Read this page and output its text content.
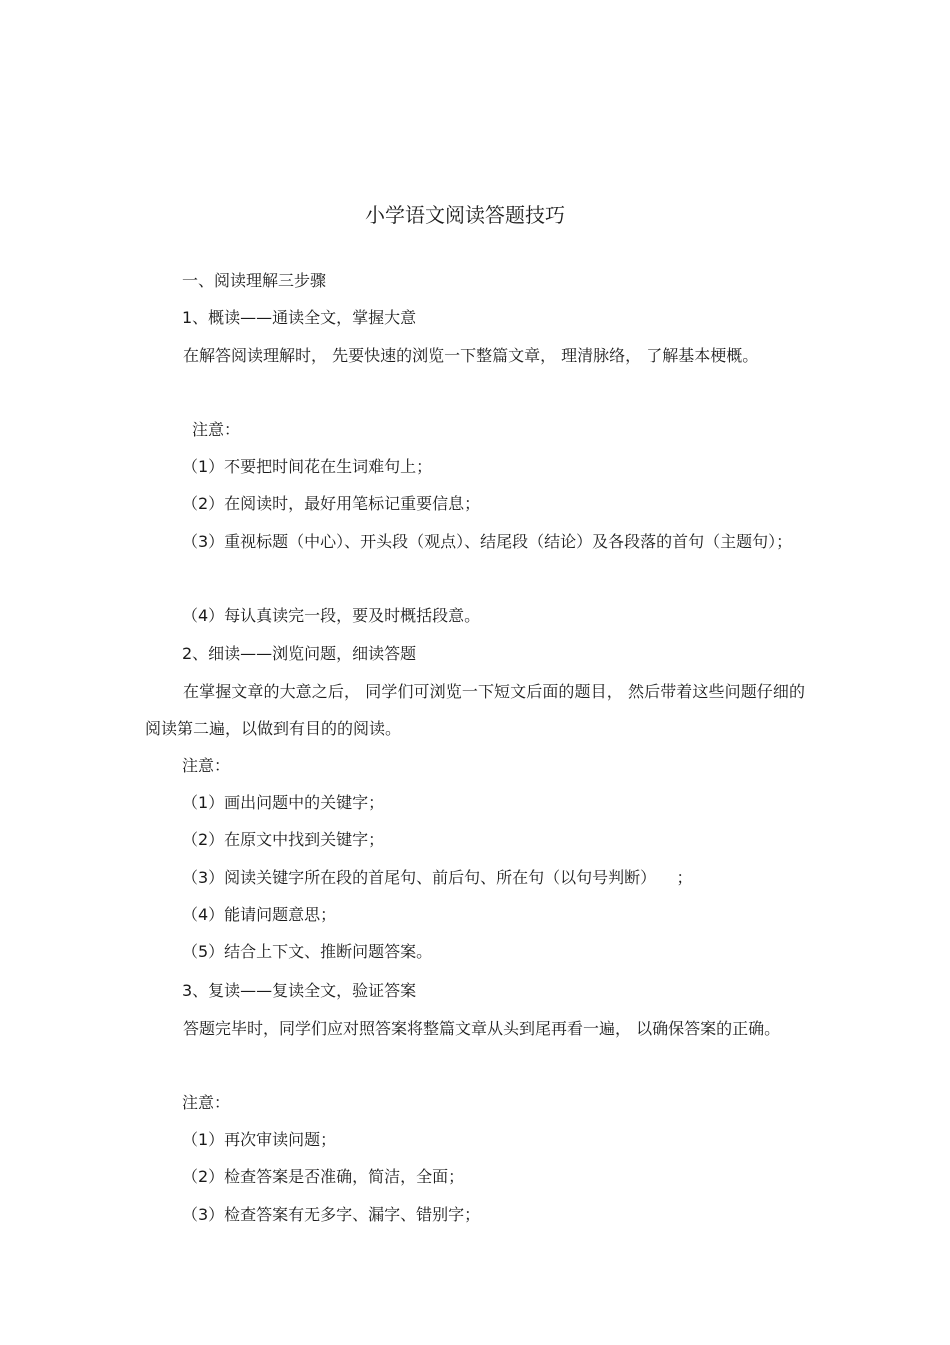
小学语文阅读答题技巧
一、阅读理解三步骤
1、概读——通读全文，掌握大意

在解答阅读理解时， 先要快速的浏览一下整篇文章， 理清脉络， 了解基本梗概。

注意：
（1）不要把时间花在生词难句上；
（2）在阅读时，最好用笔标记重要信息；

（3）重视标题（中心）、开头段（观点）、结尾段（结论）及各段落的首句（主题句）；

（4）每认真读完一段，要及时概括段意。
2、细读——浏览问题，细读答题

在掌握文章的大意之后， 同学们可浏览一下短文后面的题目， 然后带着这些问题仔细的阅读第二遍，以做到有目的的阅读。

注意：
（1）画出问题中的关键字；
（2）在原文中找到关键字；
（3）阅读关键字所在段的首尾句、前后句、所在句（以句号判断）    ；
（4）能请问题意思；
（5）结合上下文、推断问题答案。
3、复读——复读全文，验证答案

答题完毕时，同学们应对照答案将整篇文章从头到尾再看一遍， 以确保答案的正确。

注意：
（1）再次审读问题；
（2）检查答案是否准确，简洁，全面；
（3）检查答案有无多字、漏字、错别字；
